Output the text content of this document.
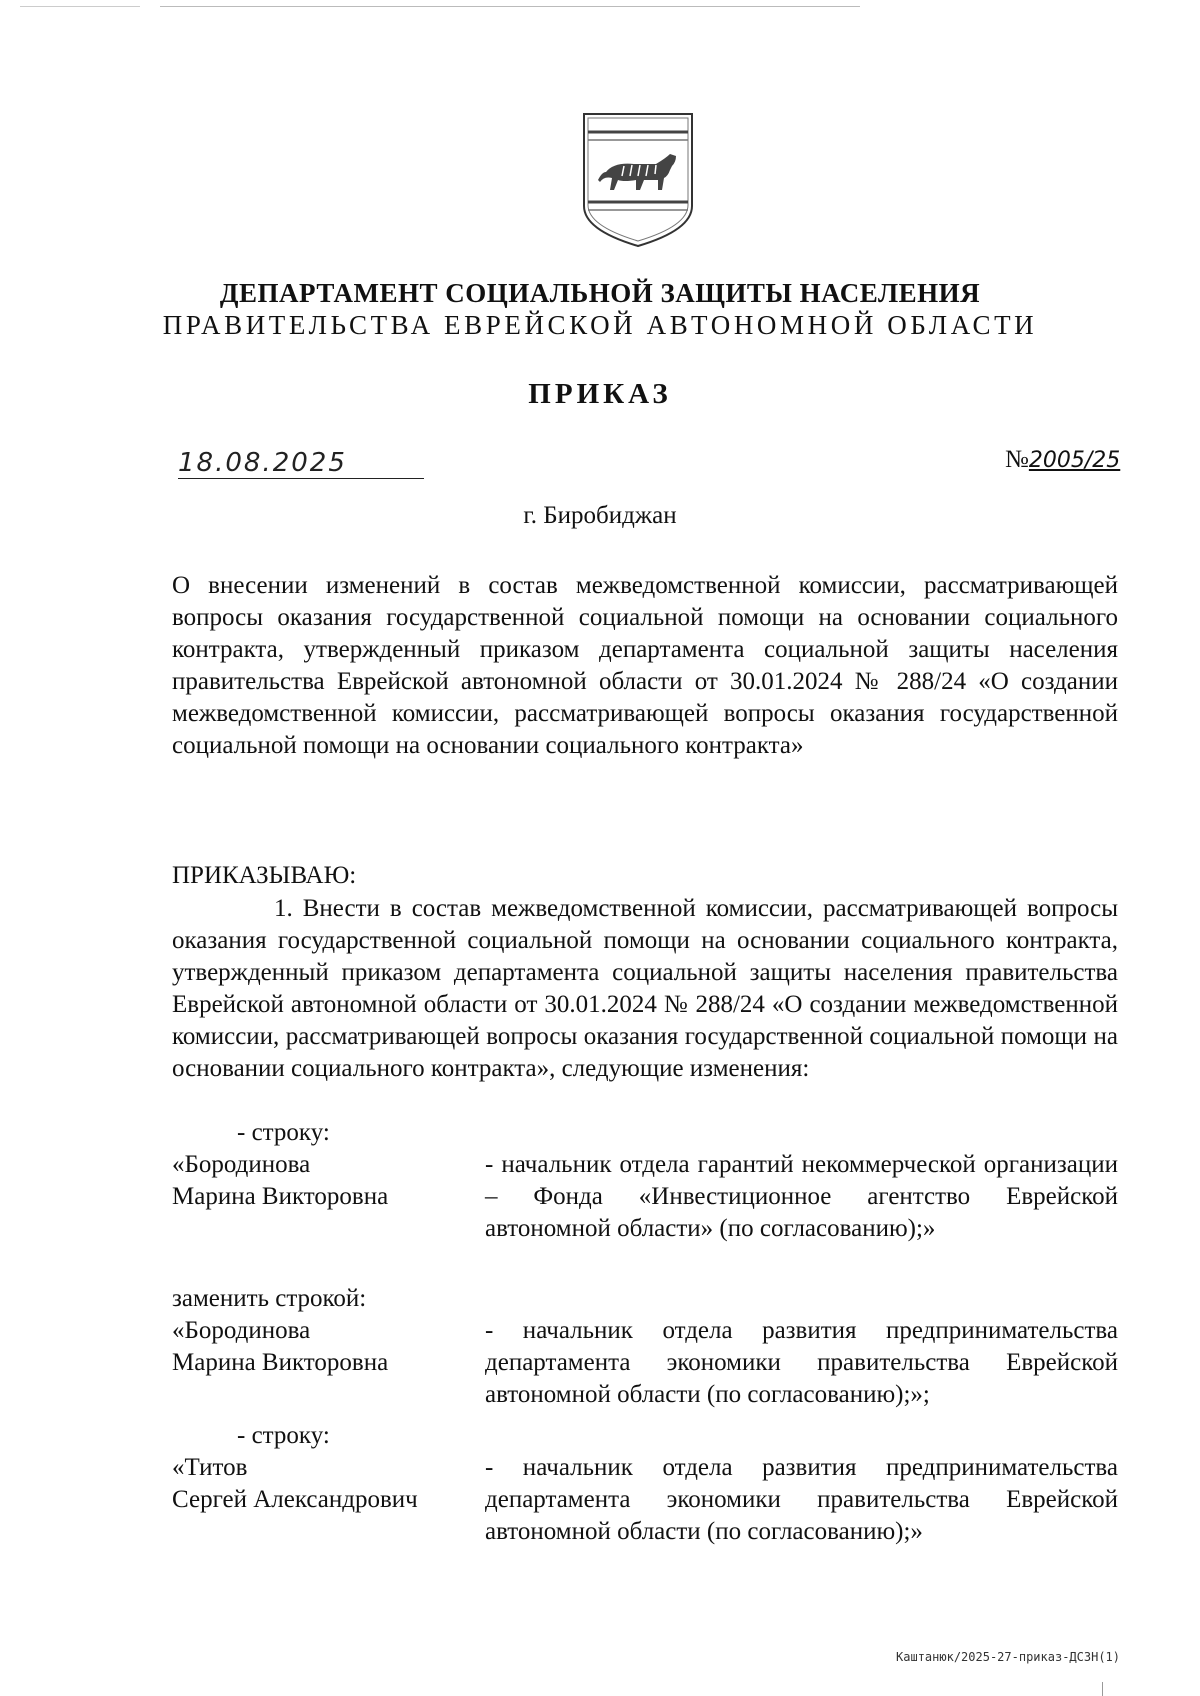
ДЕПАРТАМЕНТ СОЦИАЛЬНОЙ ЗАЩИТЫ НАСЕЛЕНИЯ
ПРАВИТЕЛЬСТВА ЕВРЕЙСКОЙ АВТОНОМНОЙ ОБЛАСТИ
ПРИКАЗ
18.08.2025	№2005/25
г. Биробиджан
О внесении изменений в состав межведомственной комиссии, рассматривающей вопросы оказания государственной социальной помощи на основании социального контракта, утвержденный приказом департамента социальной защиты населения правительства Еврейской автономной области от 30.01.2024 № 288/24 «О создании межведомственной комиссии, рассматривающей вопросы оказания государственной социальной помощи на основании социального контракта»
ПРИКАЗЫВАЮ:
1. Внести в состав межведомственной комиссии, рассматривающей вопросы оказания государственной социальной помощи на основании социального контракта, утвержденный приказом департамента социальной защиты населения правительства Еврейской автономной области от 30.01.2024 № 288/24 «О создании межведомственной комиссии, рассматривающей вопросы оказания государственной социальной помощи на основании социального контракта», следующие изменения:
- строку:
«Бородинова
Марина Викторовна
- начальник отдела гарантий некоммерческой организации – Фонда «Инвестиционное агентство Еврейской автономной области» (по согласованию);»
заменить строкой:
«Бородинова
Марина Викторовна
- начальник отдела развития предпринимательства департамента экономики правительства Еврейской автономной области (по согласованию);»;
- строку:
«Титов
Сергей Александрович
- начальник отдела развития предпринимательства департамента экономики правительства Еврейской автономной области (по согласованию);»
Каштанюк/2025-27-приказ-ДСЗН(1)
